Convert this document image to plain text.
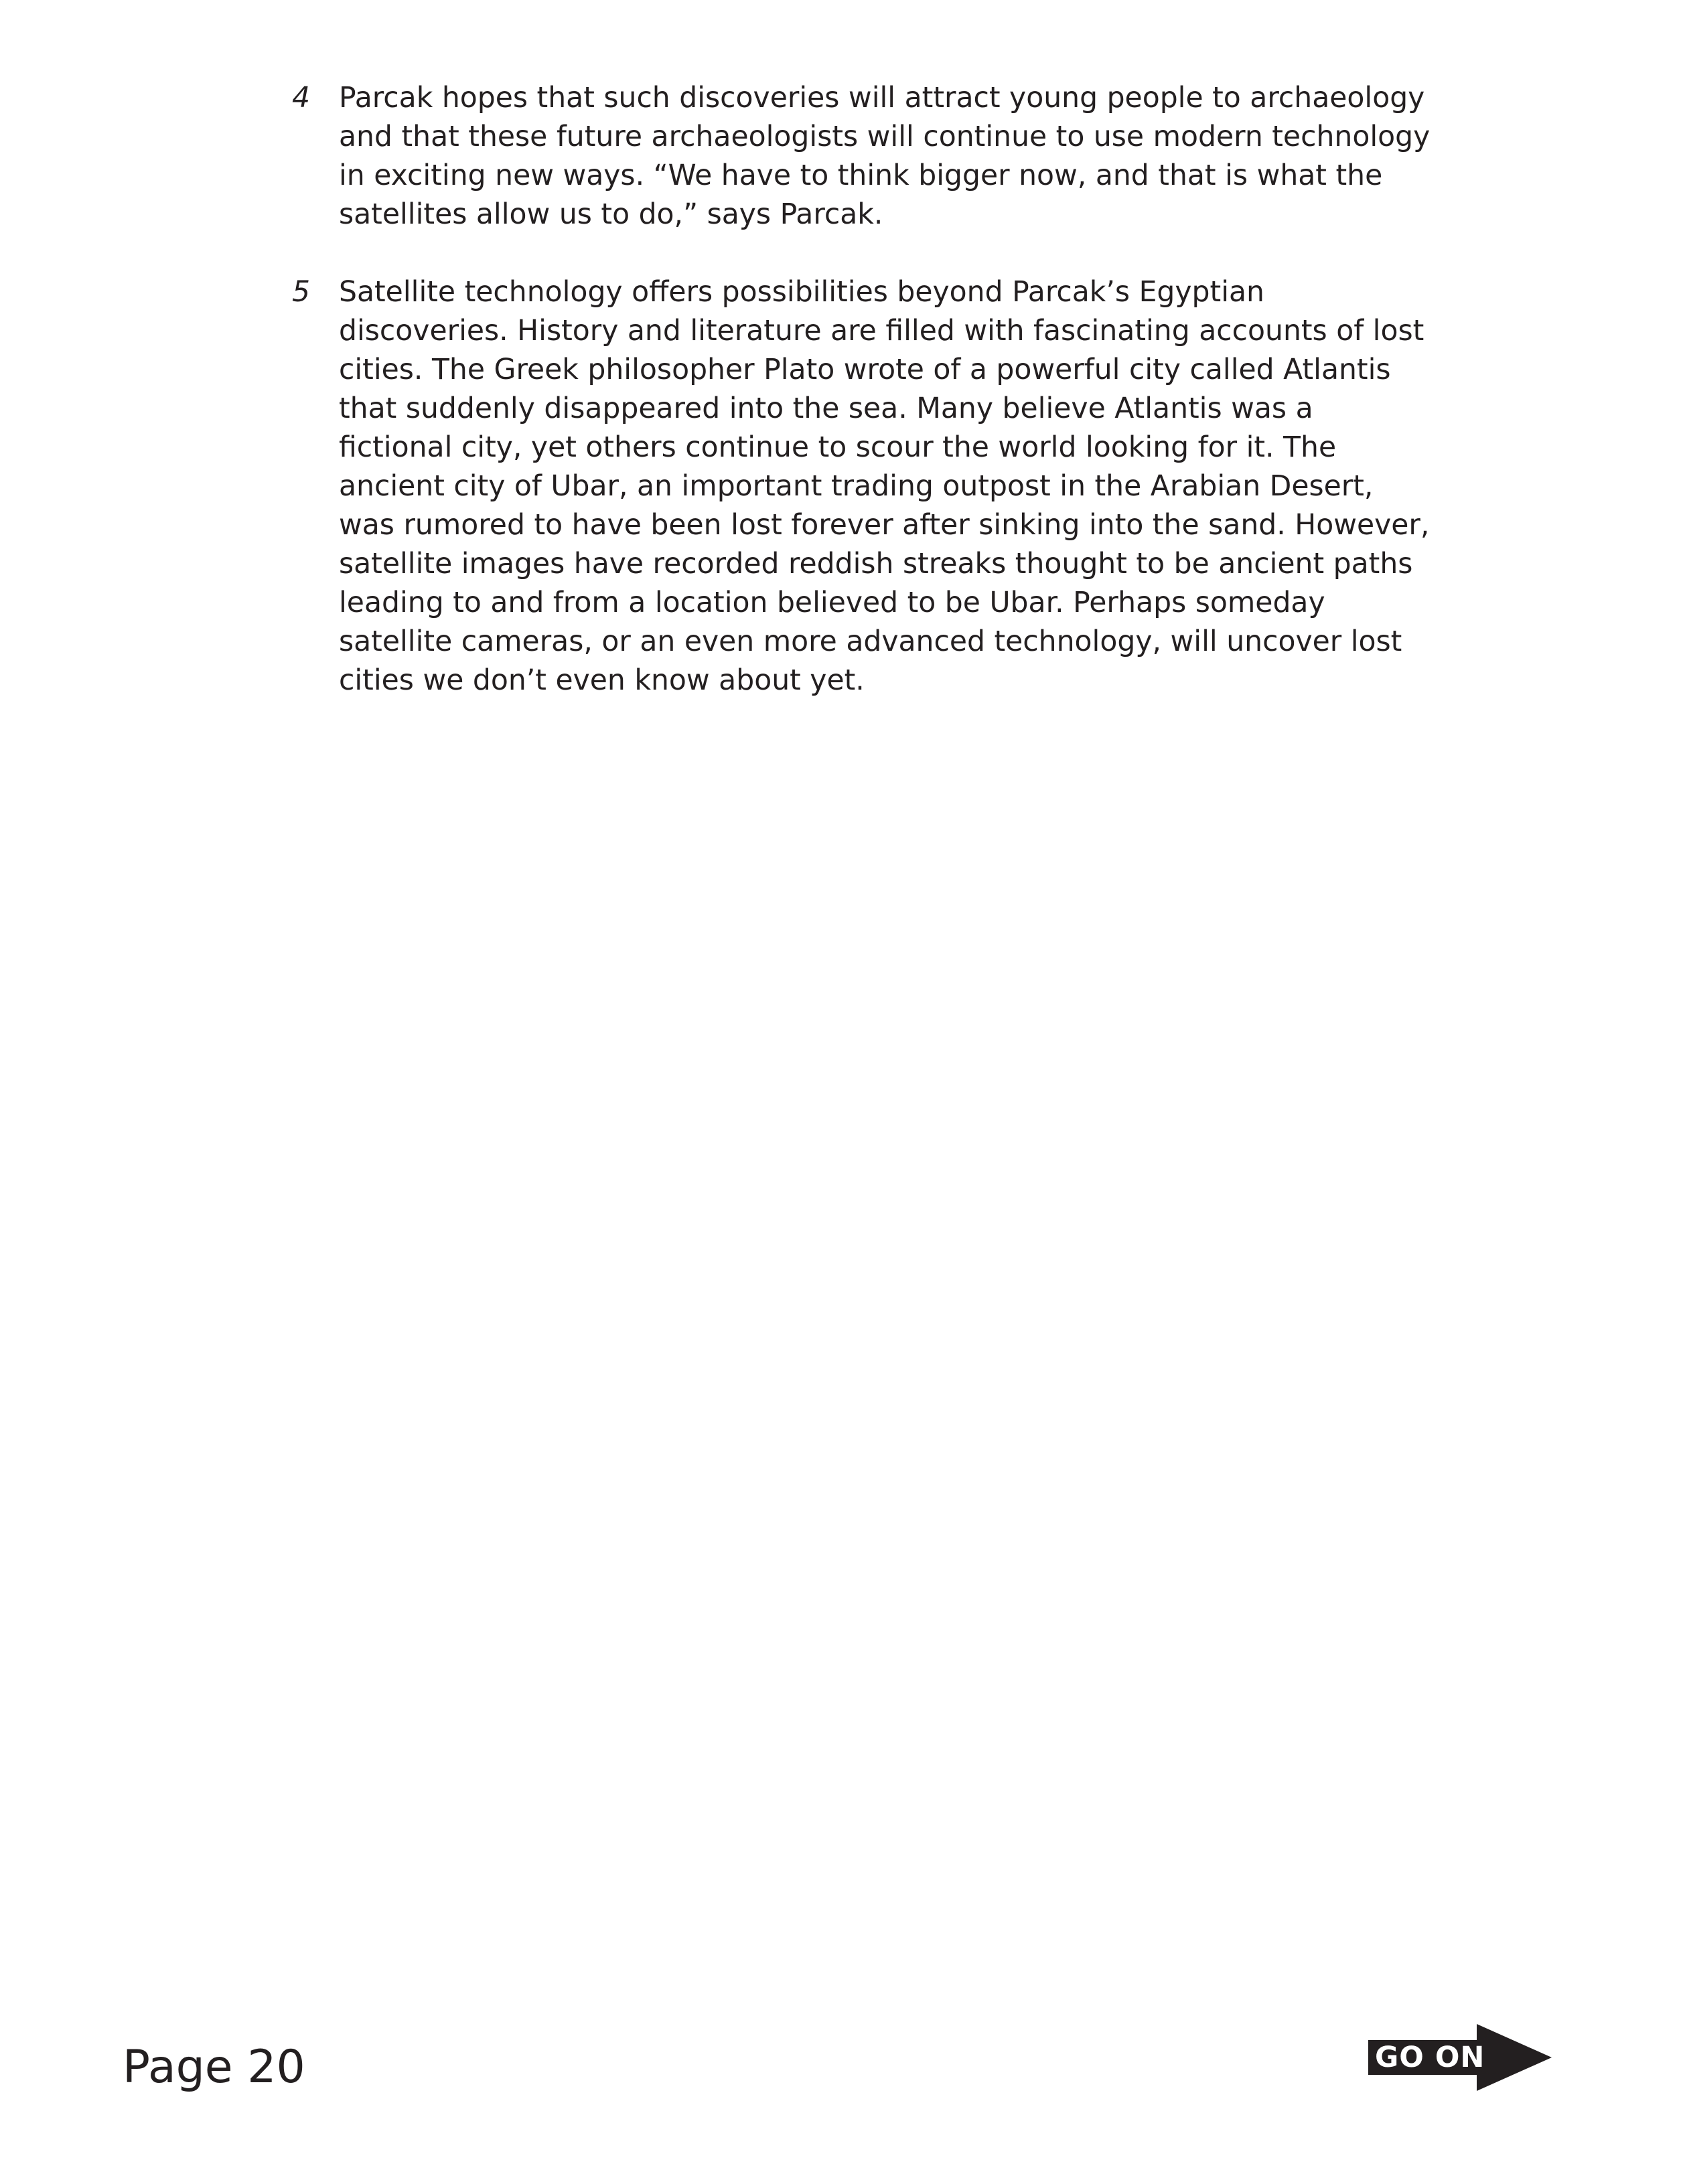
4 Parcak hopes that such discoveries will attract young people to archaeology and that these future archaeologists will continue to use modern technology in exciting new ways. “We have to think bigger now, and that is what the satellites allow us to do,” says Parcak.
5 Satellite technology offers possibilities beyond Parcak’s Egyptian discoveries. History and literature are filled with fascinating accounts of lost cities. The Greek philosopher Plato wrote of a powerful city called Atlantis that suddenly disappeared into the sea. Many believe Atlantis was a fictional city, yet others continue to scour the world looking for it. The ancient city of Ubar, an important trading outpost in the Arabian Desert, was rumored to have been lost forever after sinking into the sand. However, satellite images have recorded reddish streaks thought to be ancient paths leading to and from a location believed to be Ubar. Perhaps someday satellite cameras, or an even more advanced technology, will uncover lost cities we don’t even know about yet.
Page 20	GO ON
